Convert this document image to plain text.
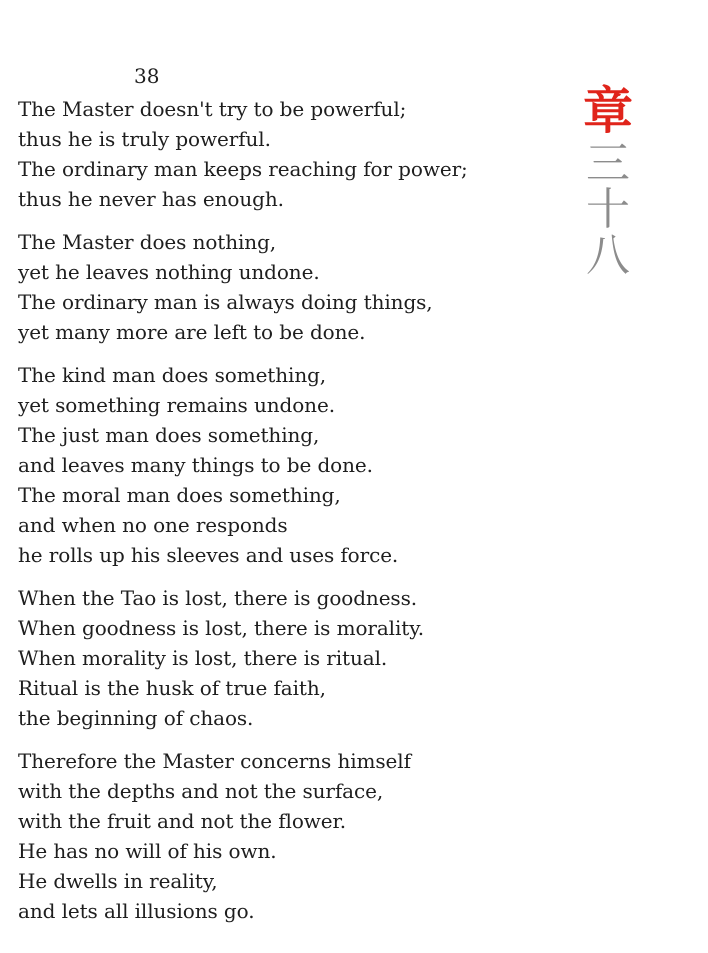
38
The Master doesn't try to be powerful;
thus he is truly powerful.
The ordinary man keeps reaching for power;
thus he never has enough.
The Master does nothing,
yet he leaves nothing undone.
The ordinary man is always doing things,
yet many more are left to be done.
The kind man does something,
yet something remains undone.
The just man does something,
and leaves many things to be done.
The moral man does something,
and when no one responds
he rolls up his sleeves and uses force.
When the Tao is lost, there is goodness.
When goodness is lost, there is morality.
When morality is lost, there is ritual.
Ritual is the husk of true faith,
the beginning of chaos.
Therefore the Master concerns himself
with the depths and not the surface,
with the fruit and not the flower.
He has no will of his own.
He dwells in reality,
and lets all illusions go.
章
三
十
八
